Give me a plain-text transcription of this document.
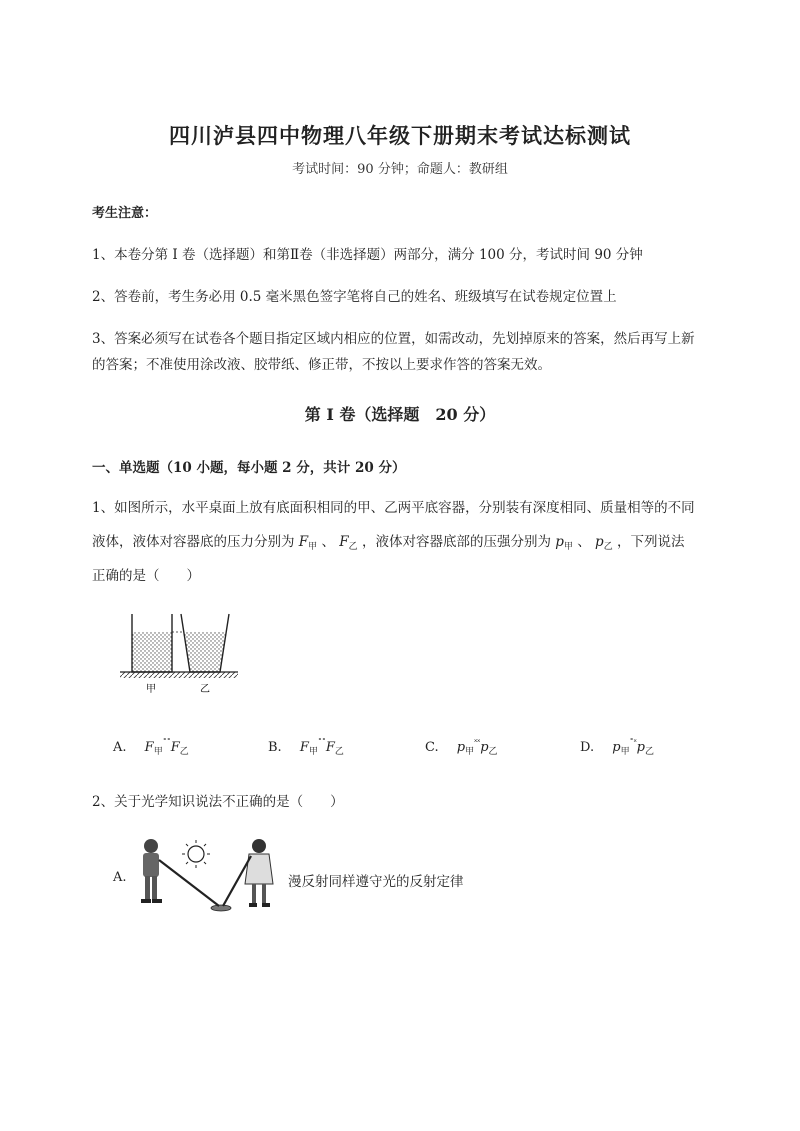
四川泸县四中物理八年级下册期末考试达标测试
考试时间：90 分钟；命题人：教研组
考生注意：
1、本卷分第 I 卷（选择题）和第Ⅱ卷（非选择题）两部分，满分 100 分，考试时间 90 分钟
2、答卷前，考生务必用 0.5 毫米黑色签字笔将自己的姓名、班级填写在试卷规定位置上
3、答案必须写在试卷各个题目指定区域内相应的位置，如需改动，先划掉原来的答案，然后再写上新
的答案；不准使用涂改液、胶带纸、修正带，不按以上要求作答的答案无效。
第 I 卷（选择题　20 分）
一、单选题（10 小题，每小题 2 分，共计 20 分）
1、如图所示，水平桌面上放有底面积相同的甲、乙两平底容器，分别装有深度相同、质量相等的不同
液体，液体对容器底的压力分别为 $F_甲$ 、 $F_乙$ ，液体对容器底部的压强分别为 $p_甲$ 、 $p_乙$ ，下列说法
正确的是（　　）
甲	乙
A. $F_甲^{˚˚}F_乙$	B. $F_甲^{˚˚}F_乙$	C. $p_甲^{˟˟}p_乙$	D. $p_甲^{˚˟}p_乙$
2、关于光学知识说法不正确的是（　　）
A.	漫反射同样遵守光的反射定律
